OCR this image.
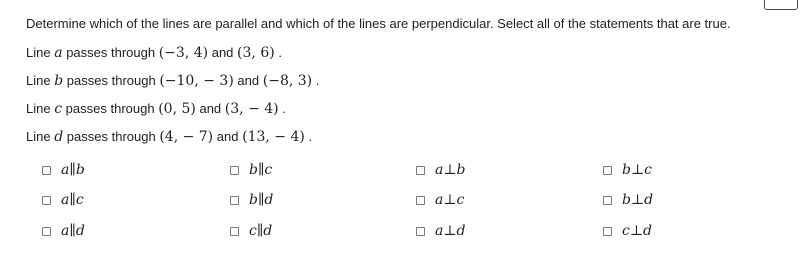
Determine which of the lines are parallel and which of the lines are perpendicular. Select all of the statements that are true.
Line a passes through (−3, 4) and (3, 6) .
Line b passes through (−10, − 3) and (−8, 3) .
Line c passes through (0, 5) and (3, − 4) .
Line d passes through (4, − 7) and (13, − 4) .
a∥b	b∥c	a⊥b	b⊥c
a∥c	b∥d	a⊥c	b⊥d
a∥d	c∥d	a⊥d	c⊥d
